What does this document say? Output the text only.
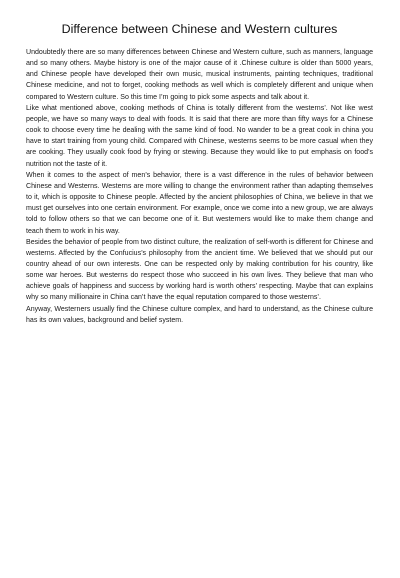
Difference between Chinese and Western cultures

Undoubtedly there are so many differences between Chinese and Western culture, such as manners, language and so many others. Maybe history is one of the major cause of it .Chinese culture is older than 5000 years, and Chinese people have developed their own music, musical instruments, painting techniques, traditional Chinese medicine, and not to forget, cooking methods as well which is completely different and unique when compared to Western culture. So this time I’m going to pick some aspects and talk about it.

Like what mentioned above, cooking methods of China is totally different from the westerns’. Not like west people, we have so many ways to deal with foods. It is said that there are more than fifty ways for a Chinese cook to choose every time he dealing with the same kind of food. No wander to be a great cook in china you have to start training from young child. Compared with Chinese, westerns seems to be more casual when they are cooking. They usually cook food by frying or stewing. Because they would like to put emphasis on food’s nutrition not the taste of it.

When it comes to the aspect of men’s behavior, there is a vast difference in the rules of behavior between Chinese and Westerns. Westerns are more willing to change the environment rather than adapting themselves to it, which is opposite to Chinese people. Affected by the ancient philosophies of China, we believe in that we must get ourselves into one certain environment. For example, once we come into a new group, we are always told to follow others so that we can become one of it. But westerners would like to make them change and teach them to work in his way.

Besides the behavior of people from two distinct culture, the realization of self-worth is different for Chinese and westerns. Affected by the Confucius’s philosophy from the ancient time. We believed that we should put our country ahead of our own interests. One can be respected only by making contribution for his country, like some war heroes. But westerns do respect those who succeed in his own lives. They believe that man who achieve goals of happiness and success by working hard is worth others’ respecting. Maybe that can explains why so many millionaire in China can’t have the equal reputation compared to those westerns’.

Anyway, Westerners usually find the Chinese culture complex, and hard to understand, as the Chinese culture has its own values, background and belief system.
